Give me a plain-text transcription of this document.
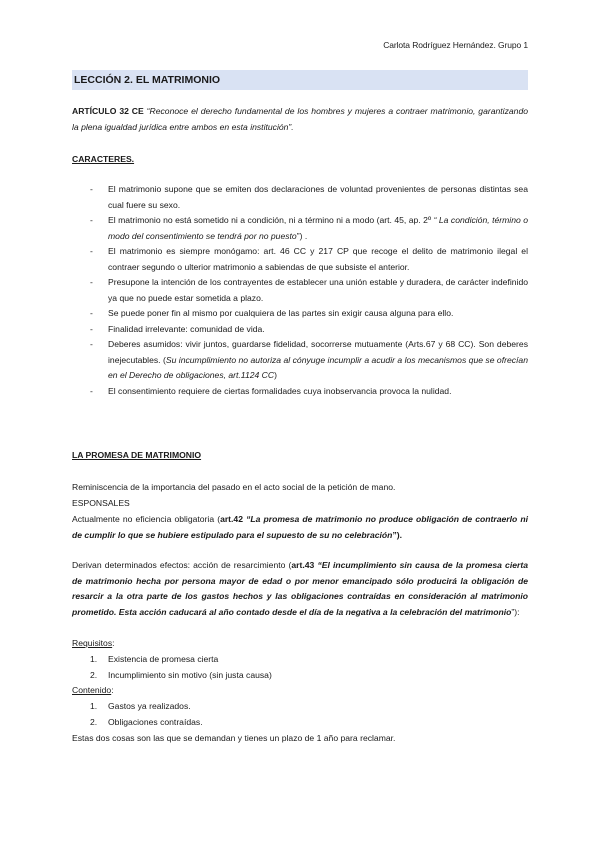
Carlota Rodríguez Hernández. Grupo 1
LECCIÓN 2. EL MATRIMONIO
ARTÍCULO 32 CE “Reconoce el derecho fundamental de los hombres y mujeres a contraer matrimonio, garantizando la plena igualdad jurídica entre ambos en esta institución”.
CARACTERES.
- El matrimonio supone que se emiten dos declaraciones de voluntad provenientes de personas distintas sea cual fuere su sexo.
- El matrimonio no está sometido ni a condición, ni a término ni a modo (art. 45, ap. 2º “ La condición, término o modo del consentimiento se tendrá por no puesto”) .
- El matrimonio es siempre monógamo: art. 46 CC y 217 CP que recoge el delito de matrimonio ilegal el contraer segundo o ulterior matrimonio a sabiendas de que subsiste el anterior.
- Presupone la intención de los contrayentes de establecer una unión estable y duradera, de carácter indefinido ya que no puede estar sometida a plazo.
- Se puede poner fin al mismo por cualquiera de las partes sin exigir causa alguna para ello.
- Finalidad irrelevante: comunidad de vida.
- Deberes asumidos: vivir juntos, guardarse fidelidad, socorrerse mutuamente (Arts.67 y 68 CC). Son deberes inejecutables. (Su incumplimiento no autoriza al cónyuge incumplir a acudir a los mecanismos que se ofrecían en el Derecho de obligaciones, art.1124 CC)
- El consentimiento requiere de ciertas formalidades cuya inobservancia provoca la nulidad.
LA PROMESA DE MATRIMONIO
Reminiscencia de la importancia del pasado en el acto social de la petición de mano.
ESPONSALES
Actualmente no eficiencia obligatoria (art.42 “La promesa de matrimonio no produce obligación de contraerlo ni de cumplir lo que se hubiere estipulado para el supuesto de su no celebración”).
Derivan determinados efectos: acción de resarcimiento (art.43 “El incumplimiento sin causa de la promesa cierta de matrimonio hecha por persona mayor de edad o por menor emancipado sólo producirá la obligación de resarcir a la otra parte de los gastos hechos y las obligaciones contraídas en consideración al matrimonio prometido. Esta acción caducará al año contado desde el día de la negativa a la celebración del matrimonio”):
Requisitos:
1. Existencia de promesa cierta
2. Incumplimiento sin motivo (sin justa causa)
Contenido:
1. Gastos ya realizados.
2. Obligaciones contraídas.
Estas dos cosas son las que se demandan y tienes un plazo de 1 año para reclamar.
